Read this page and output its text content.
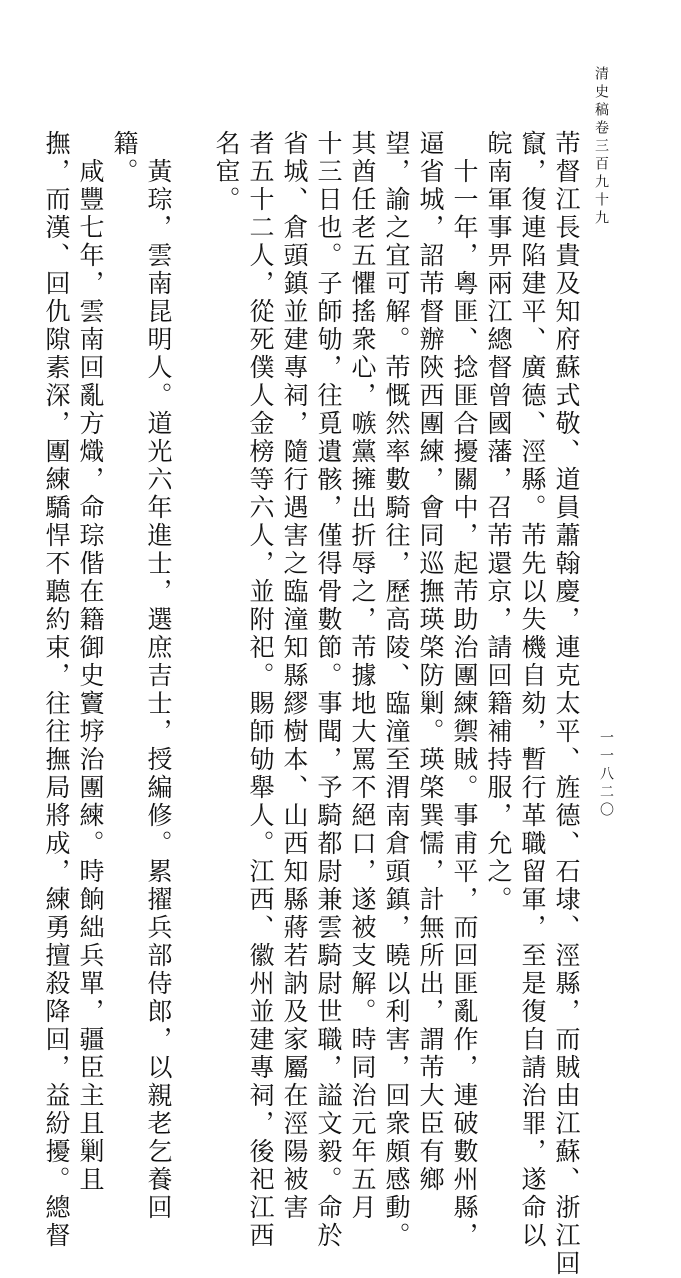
清史稿卷三百九十九
一一八二〇
芾督江長貴及知府蘇式敬、道員蕭翰慶，連克太平、旌德、石埭、涇縣，而賊由江蘇、浙江回
竄，復連陷建平、廣德、涇縣。芾先以失機自劾，暫行革職留軍，至是復自請治罪，遂命以
皖南軍事畀兩江總督曾國藩，召芾還京，請回籍補持服，允之。
　十一年，粵匪、捻匪合擾關中，起芾助治團練禦賊。事甫平，而回匪亂作，連破數州縣，
逼省城，詔芾督辦陝西團練，會同巡撫瑛棨防剿。瑛棨巽懦，計無所出，謂芾大臣有鄉
望，諭之宜可解。芾慨然率數騎往，歷高陵、臨潼至渭南倉頭鎮，曉以利害，回衆頗感動。
其酋任老五懼搖衆心，嗾黨擁出折辱之，芾據地大罵不絕口，遂被支解。時同治元年五月
十三日也。子師劬，往覓遺骸，僅得骨數節。事聞，予騎都尉兼雲騎尉世職，謚文毅。命於
省城、倉頭鎮並建專祠，隨行遇害之臨潼知縣繆樹本、山西知縣蔣若訥及家屬在涇陽被害
者五十二人，從死僕人金榜等六人，並附祀。賜師劬舉人。江西、徽州並建專祠，後祀江西
名宦。
　黃琮，雲南昆明人。道光六年進士，選庶吉士，授編修。累擢兵部侍郎，以親老乞養回
籍。
　咸豐七年，雲南回亂方熾，命琮偕在籍御史竇垿治團練。時餉絀兵單，疆臣主且剿且
撫，而漢、回仇隙素深，團練驕悍不聽約束，往往撫局將成，練勇擅殺降回，益紛擾。總督
